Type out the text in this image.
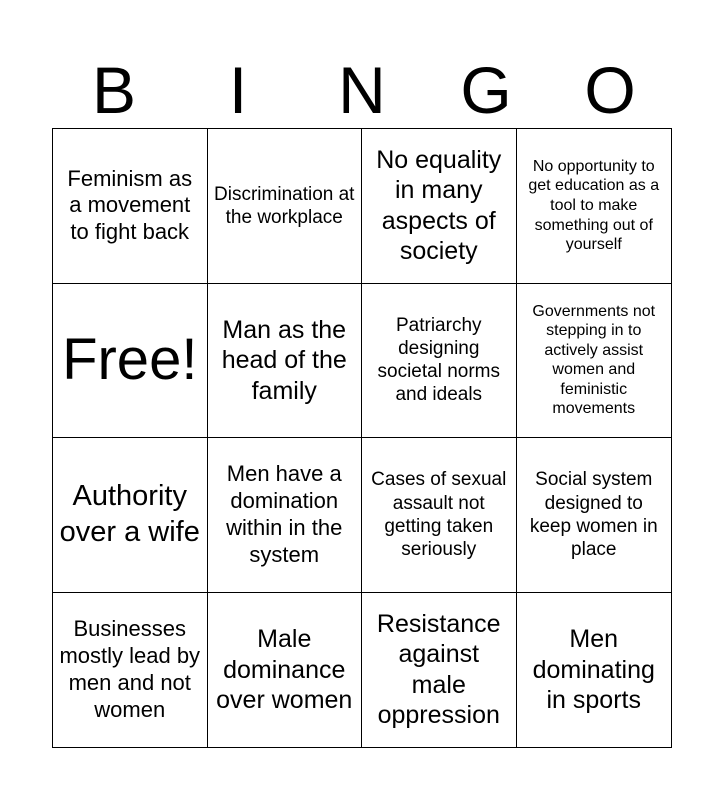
B	I	N	G	O
Feminism as a movement to fight back
Discrimination at the workplace
No equality in many aspects of society
No opportunity to get education as a tool to make something out of yourself
Free! Man as the head of the family
Patriarchy designing societal norms and ideals
Governments not stepping in to actively assist women and feministic movements
Authority over a wife
Men have a domination within in the system
Cases of sexual assault not getting taken seriously
Social system designed to keep women in place
Businesses mostly lead by men and not women
Male dominance over women
Resistance against male oppression
Men dominating in sports
